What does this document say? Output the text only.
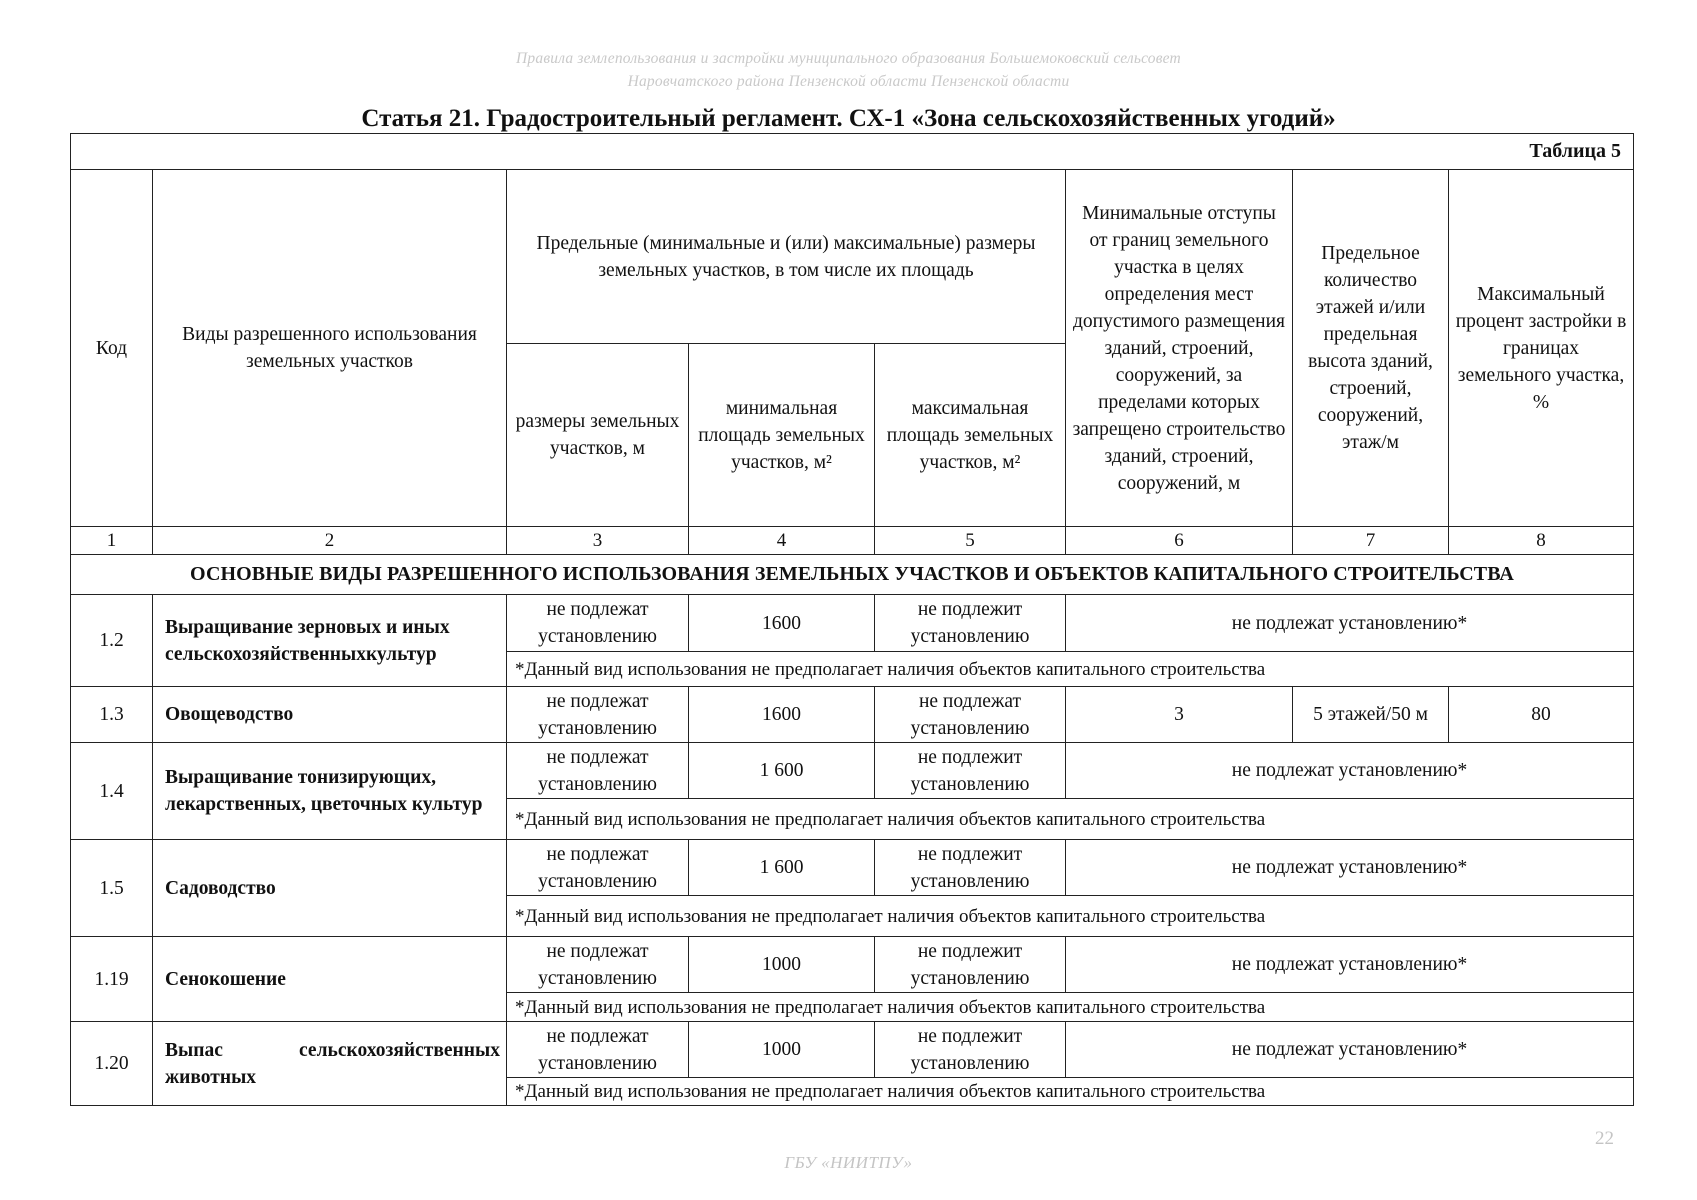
Правила землепользования и застройки муниципального образования Большемоковский сельсовет
Наровчатского района Пензенской области Пензенской области
Статья 21. Градостроительный регламент. СХ-1 «Зона сельскохозяйственных угодий»
Таблица 5							
Код	Виды разрешенного использования земельных участков	Предельные (минимальные и (или) максимальные) размеры земельных участков, в том числе их площадь			Минимальные отступы от границ земельного участка в целях определения мест допустимого размещения зданий, строений, сооружений, за пределами которых запрещено строительство зданий, строений, сооружений, м	Предельное количество этажей и/или предельная высота зданий, строений, сооружений, этаж/м	Максимальный процент застройки в границах земельного участка, %
		размеры земельных участков, м	минимальная площадь земельных участков, м²	максимальная площадь земельных участков, м²			
1	2	3	4	5	6	7	8
ОСНОВНЫЕ ВИДЫ РАЗРЕШЕННОГО ИСПОЛЬЗОВАНИЯ ЗЕМЕЛЬНЫХ УЧАСТКОВ И ОБЪЕКТОВ КАПИТАЛЬНОГО СТРОИТЕЛЬСТВА							
1.2	Выращивание зерновых и иных сельскохозяйственныхкультур	не подлежат установлению	1600	не подлежит установлению	не подлежат установлению*		
		*Данный вид использования не предполагает наличия объектов капитального строительства					
1.3	Овощеводство	не подлежат установлению	1600	не подлежат установлению	3	5 этажей/50 м	80
1.4	Выращивание тонизирующих, лекарственных, цветочных культур	не подлежат установлению	1 600	не подлежит установлению	не подлежат установлению*		
		*Данный вид использования не предполагает наличия объектов капитального строительства					
1.5	Садоводство	не подлежат установлению	1 600	не подлежит установлению	не подлежат установлению*		
		*Данный вид использования не предполагает наличия объектов капитального строительства					
1.19	Сенокошение	не подлежат установлению	1000	не подлежит установлению	не подлежат установлению*		
		*Данный вид использования не предполагает наличия объектов капитального строительства					
1.20	Выпас сельскохозяйственных животных	не подлежат установлению	1000	не подлежит установлению	не подлежат установлению*		
		*Данный вид использования не предполагает наличия объектов капитального строительства					
22
ГБУ «НИИТПУ»
